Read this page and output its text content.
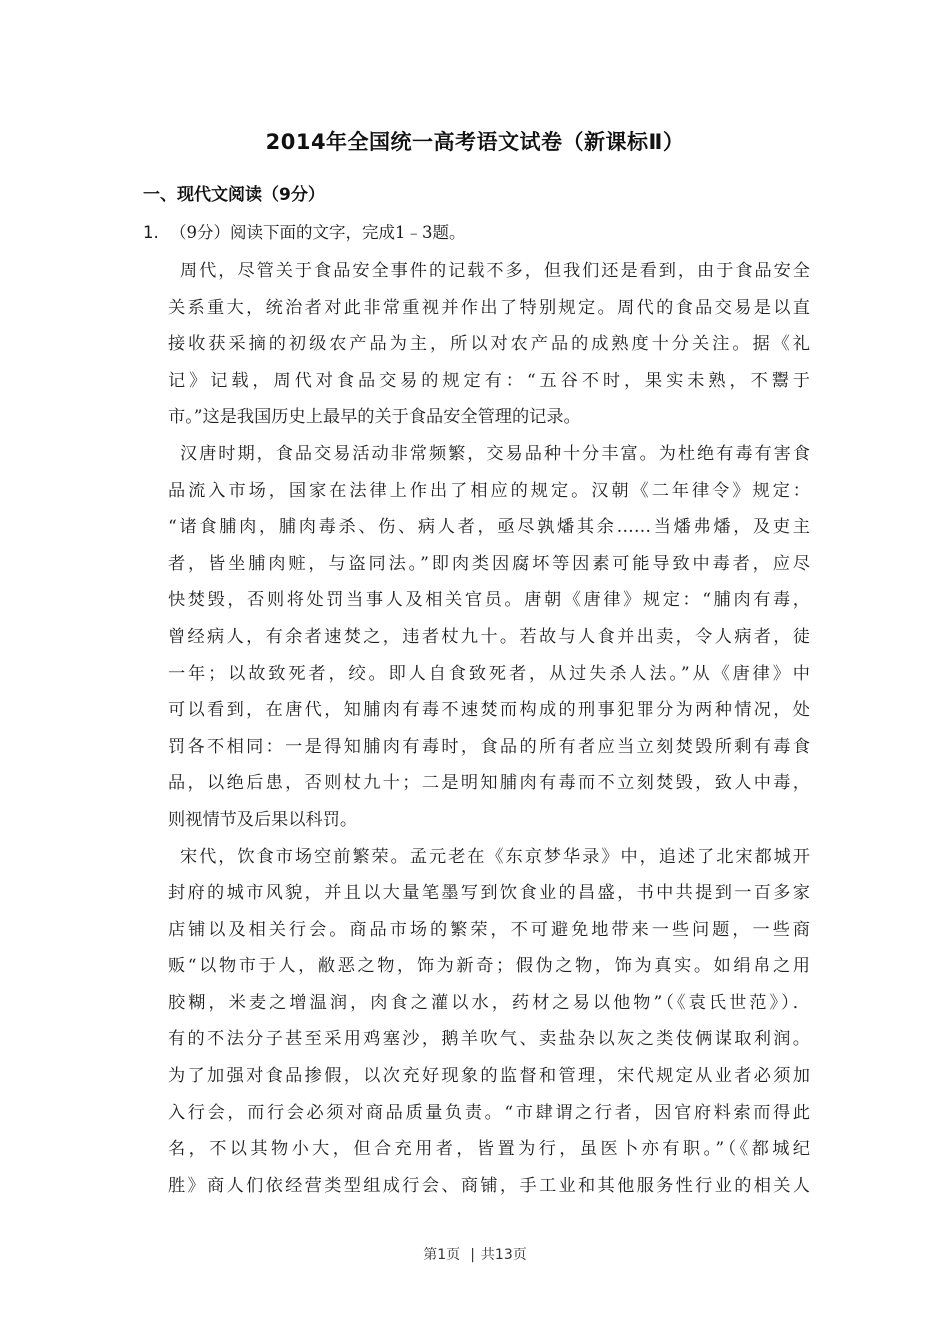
2014年全国统一高考语文试卷（新课标Ⅱ）
一、现代文阅读（9分）
1. （9分）阅读下面的文字，完成1﹣3题。
周代，尽管关于食品安全事件的记载不多，但我们还是看到，由于食品安全
关系重大，统治者对此非常重视并作出了特别规定。周代的食品交易是以直
接收获采摘的初级农产品为主，所以对农产品的成熟度十分关注。据《礼
记》记载，周代对食品交易的规定有：“五谷不时，果实未熟，不鬻于
市。”这是我国历史上最早的关于食品安全管理的记录。
汉唐时期，食品交易活动非常频繁，交易品种十分丰富。为杜绝有毒有害食
品流入市场，国家在法律上作出了相应的规定。汉朝《二年律令》规定：
“诸食脯肉，脯肉毒杀、伤、病人者，亟尽孰燔其余……当燔弗燔，及吏主
者，皆坐脯肉赃，与盗同法。”即肉类因腐坏等因素可能导致中毒者，应尽
快焚毁，否则将处罚当事人及相关官员。唐朝《唐律》规定：“脯肉有毒，
曾经病人，有余者速焚之，违者杖九十。若故与人食并出卖，令人病者，徒
一年；以故致死者，绞。即人自食致死者，从过失杀人法。”从《唐律》中
可以看到，在唐代，知脯肉有毒不速焚而构成的刑事犯罪分为两种情况，处
罚各不相同：一是得知脯肉有毒时，食品的所有者应当立刻焚毁所剩有毒食
品，以绝后患，否则杖九十；二是明知脯肉有毒而不立刻焚毁，致人中毒，
则视情节及后果以科罚。
宋代，饮食市场空前繁荣。孟元老在《东京梦华录》中，追述了北宋都城开
封府的城市风貌，并且以大量笔墨写到饮食业的昌盛，书中共提到一百多家
店铺以及相关行会。商品市场的繁荣，不可避免地带来一些问题，一些商
贩“以物市于人，敝恶之物，饰为新奇；假伪之物，饰为真实。如绢帛之用
胶糊，米麦之增温润，肉食之灌以水，药材之易以他物”（《袁氏世范》）．
有的不法分子甚至采用鸡塞沙，鹅羊吹气、卖盐杂以灰之类伎俩谋取利润。
为了加强对食品掺假，以次充好现象的监督和管理，宋代规定从业者必须加
入行会，而行会必须对商品质量负责。“市肆谓之行者，因官府料索而得此
名，不以其物小大，但合充用者，皆置为行，虽医卜亦有职。”（《都城纪
胜》商人们依经营类型组成行会、商铺，手工业和其他服务性行业的相关人
第1页 | 共13页
